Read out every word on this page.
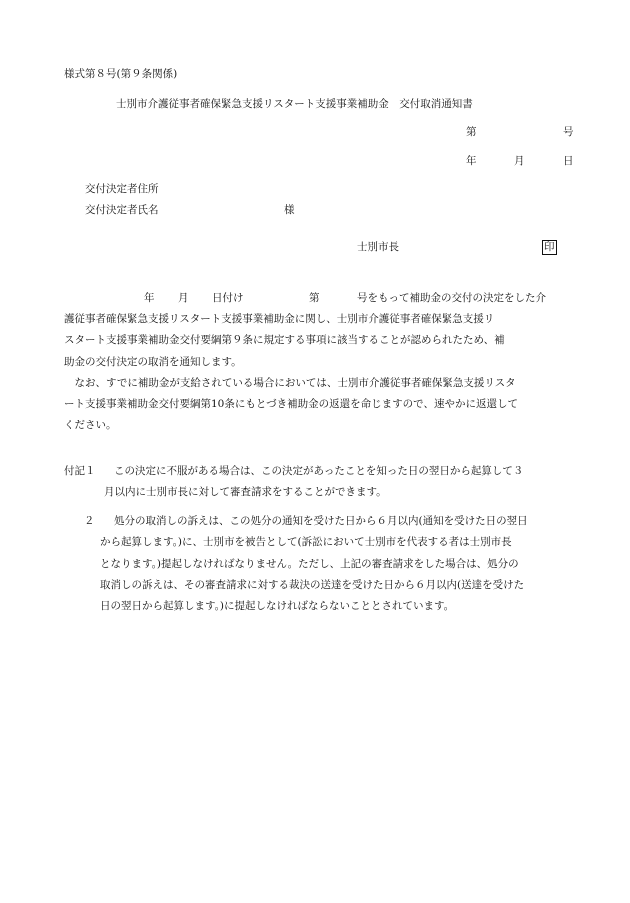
様式第８号(第９条関係)
士別市介護従事者確保緊急支援リスタート支援事業補助金　交付取消通知書
第	号
年	月	日
交付決定者住所
交付決定者氏名	様
士別市長	印
年 月 日付け	第	号をもって補助金の交付の決定をした介
護従事者確保緊急支援リスタート支援事業補助金に関し、士別市介護従事者確保緊急支援リ
スタート支援事業補助金交付要綱第９条に規定する事項に該当することが認められたため、補
助金の交付決定の取消を通知します。
　なお、すでに補助金が支給されている場合においては、士別市介護従事者確保緊急支援リスタ
ート支援事業補助金交付要綱第10条にもとづき補助金の返還を命じますので、速やかに返還して
ください。
付記１	この決定に不服がある場合は、この決定があったことを知った日の翌日から起算して３
月以内に士別市長に対して審査請求をすることができます。
２	処分の取消しの訴えは、この処分の通知を受けた日から６月以内(通知を受けた日の翌日
から起算します。)に、士別市を被告として(訴訟において士別市を代表する者は士別市長
となります。)提起しなければなりません。ただし、上記の審査請求をした場合は、処分の
取消しの訴えは、その審査請求に対する裁決の送達を受けた日から６月以内(送達を受けた
日の翌日から起算します。)に提起しなければならないこととされています。
